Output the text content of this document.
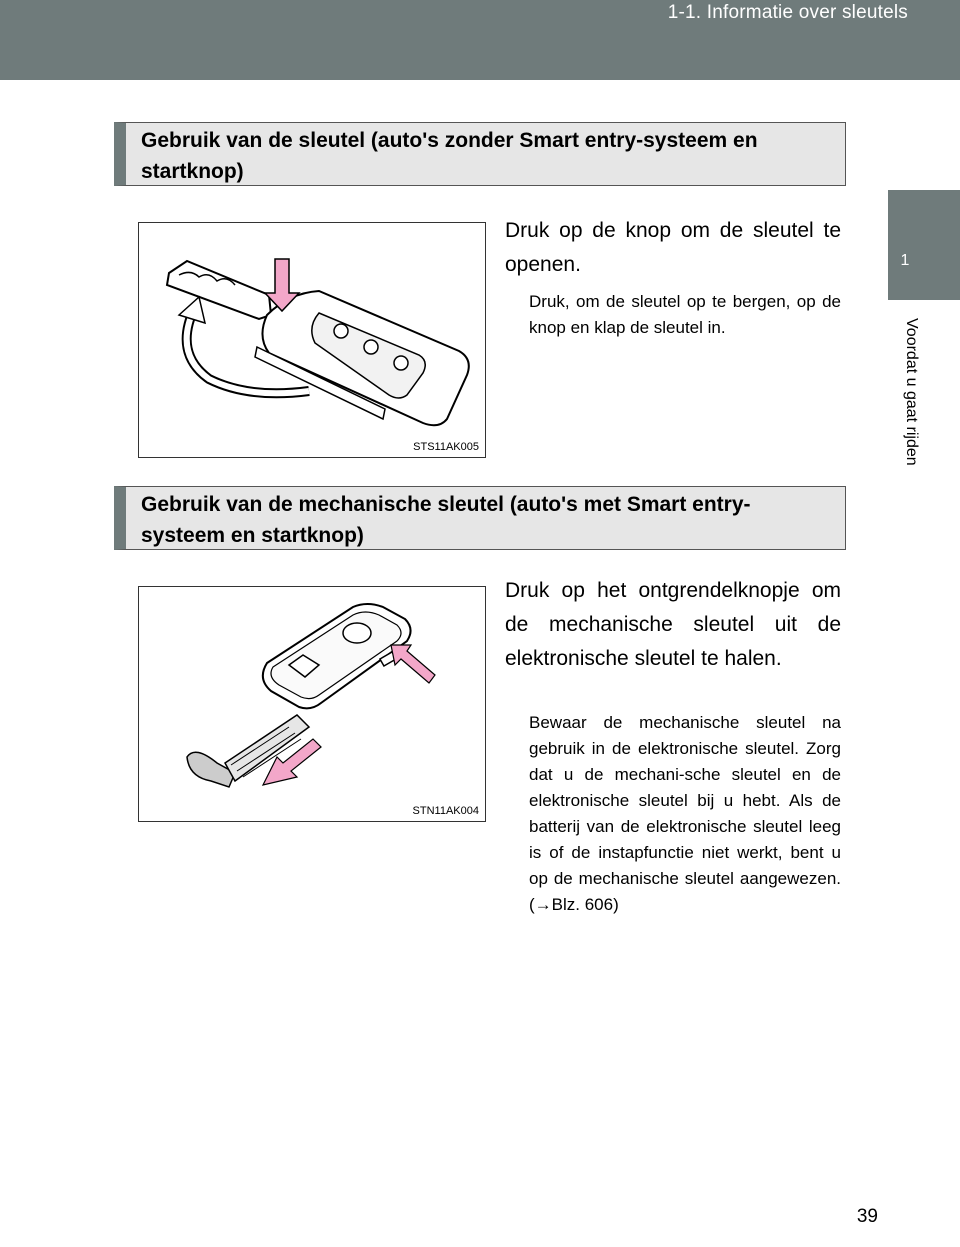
1-1. Informatie over sleutels
1
Voordat u gaat rijden
Gebruik van de sleutel (auto's zonder Smart entry-systeem en startknop)
STS11AK005
Druk op de knop om de sleutel te openen.
Druk, om de sleutel op te bergen, op de knop en klap de sleutel in.
Gebruik van de mechanische sleutel (auto's met Smart entry-systeem en startknop)
STN11AK004
Druk op het ontgrendelknopje om de mechanische sleutel uit de elektronische sleutel te halen.
Bewaar de mechanische sleutel na gebruik in de elektronische sleutel. Zorg dat u de mechani-sche sleutel en de elektronische sleutel bij u hebt. Als de batterij van de elektronische sleutel leeg is of de instapfunctie niet werkt, bent u op de mechanische sleutel aangewezen. (→Blz. 606)
39
